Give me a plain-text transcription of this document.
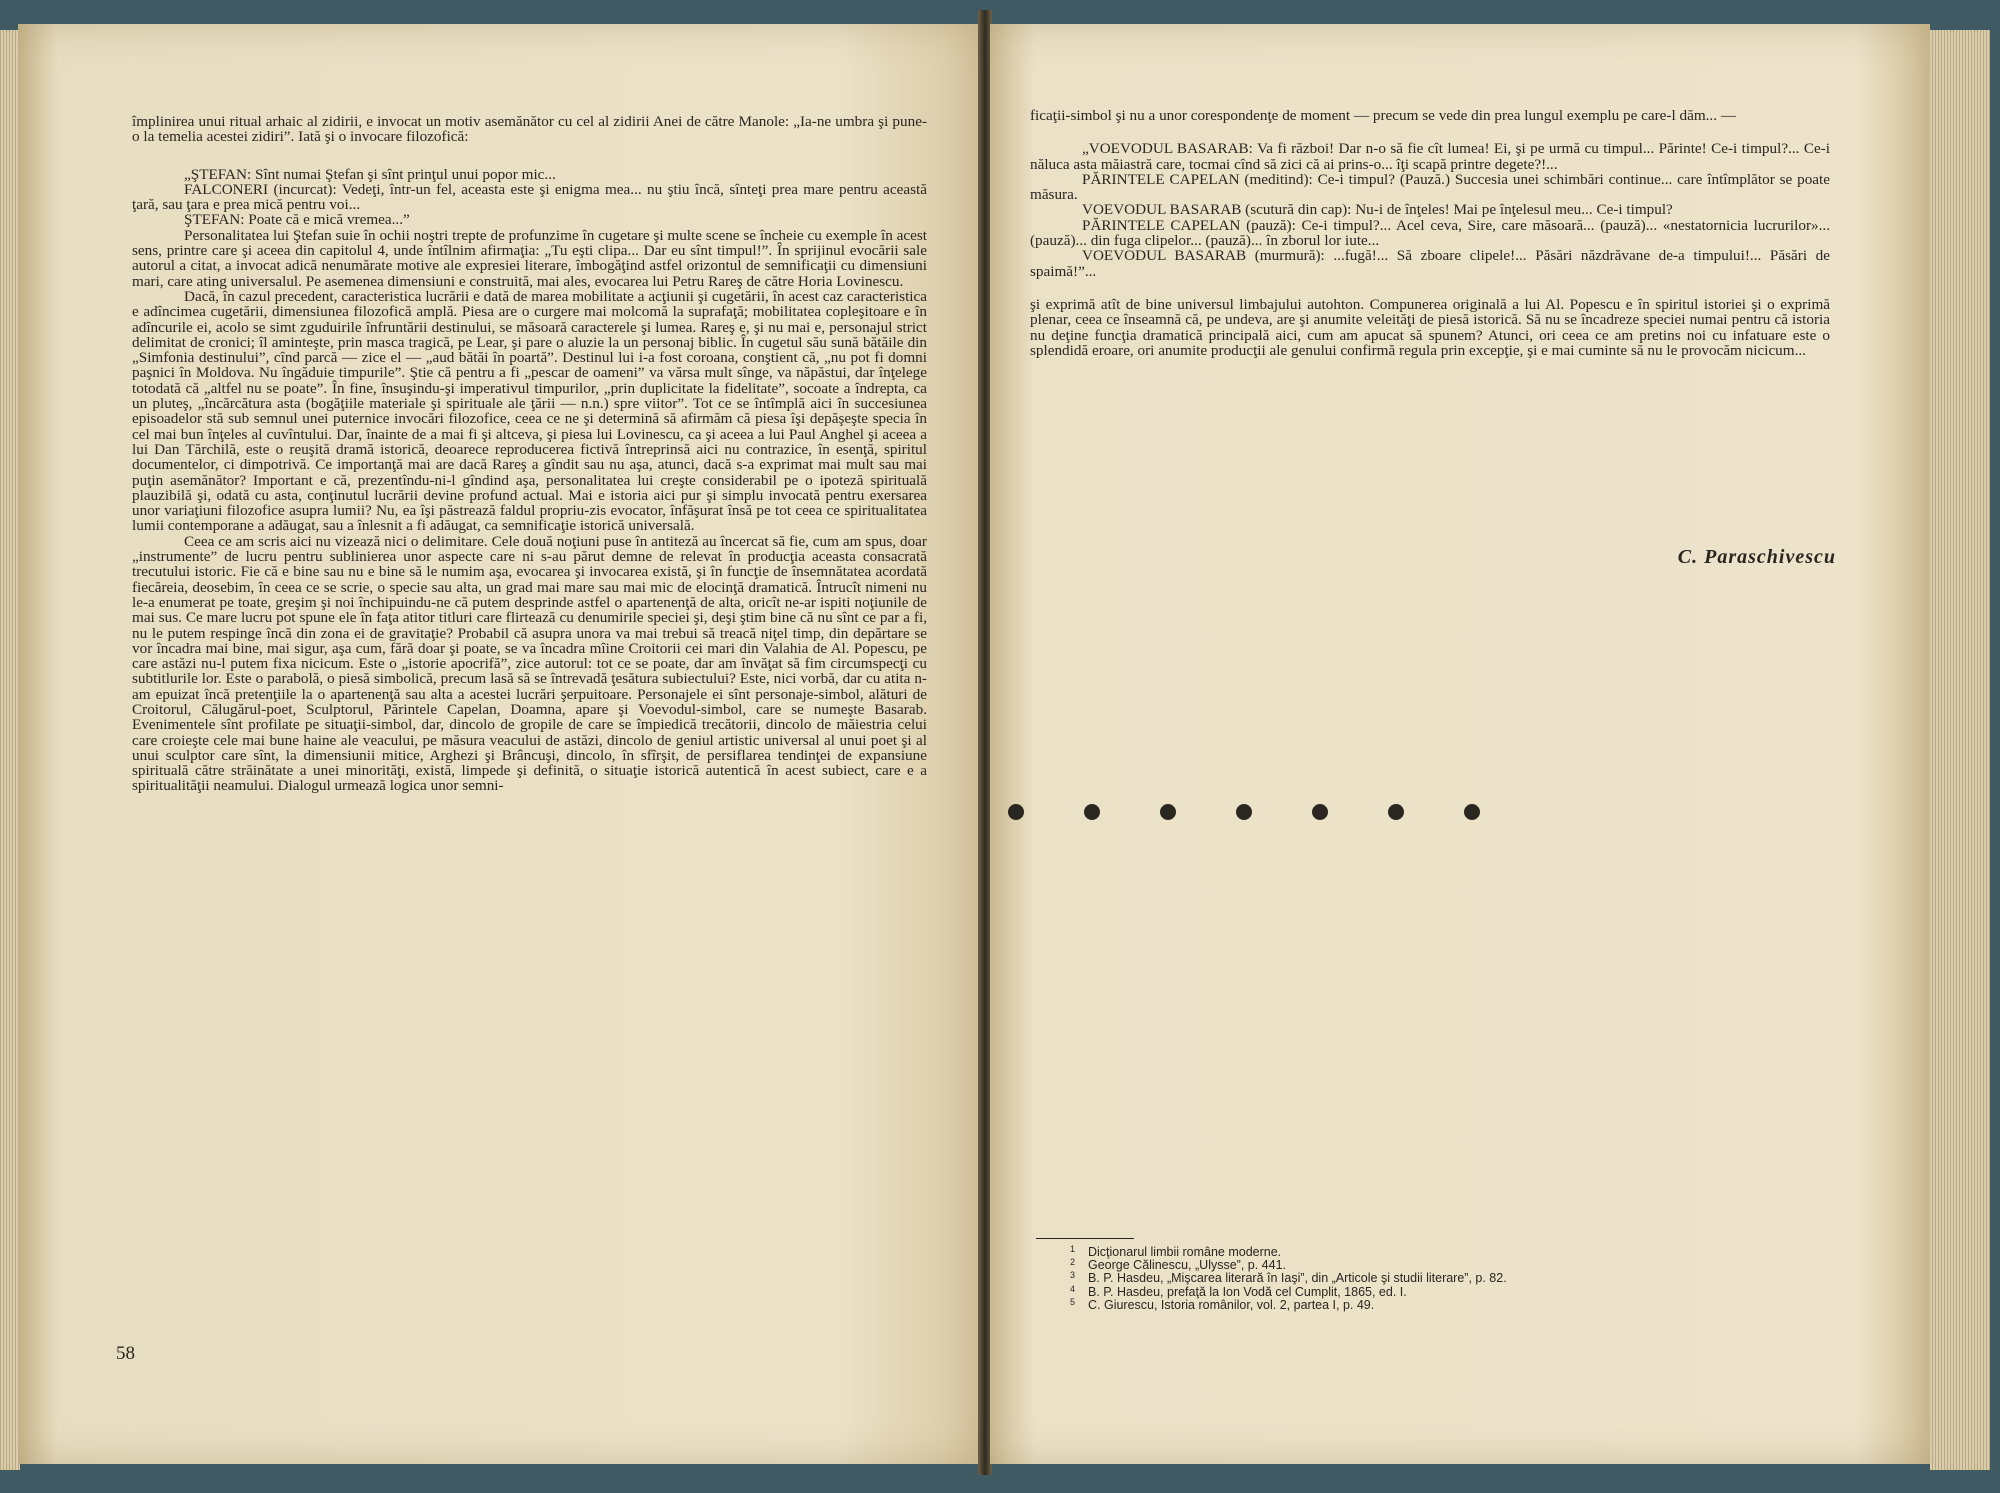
împlinirea unui ritual arhaic al zidirii, e invocat un motiv asemănător cu cel al zidirii Anei de către Manole: „Ia-ne umbra şi pune-o la temelia acestei zidiri”. Iată şi o invocare filozofică:

„ŞTEFAN: Sînt numai Ştefan şi sînt prinţul unui popor mic...

FALCONERI (incurcat): Vedeţi, într-un fel, aceasta este şi enigma mea... nu ştiu încă, sînteţi prea mare pentru această ţară, sau ţara e prea mică pentru voi...

ŞTEFAN: Poate că e mică vremea...”

Personalitatea lui Ştefan suie în ochii noştri trepte de profunzime în cugetare şi multe scene se încheie cu exemple în acest sens, printre care şi aceea din capitolul 4, unde întîlnim afirmaţia: „Tu eşti clipa... Dar eu sînt timpul!”. În sprijinul evocării sale autorul a citat, a invocat adică nenumărate motive ale expresiei literare, îmbogăţind astfel orizontul de semnificaţii cu dimensiuni mari, care ating universalul. Pe asemenea dimensiuni e construită, mai ales, evocarea lui Petru Rareş de către Horia Lovinescu.

Dacă, în cazul precedent, caracteristica lucrării e dată de marea mobilitate a acţiunii şi cugetării, în acest caz caracteristica e adîncimea cugetării, dimensiunea filozofică amplă. Piesa are o curgere mai molcomă la suprafaţă; mobilitatea copleşitoare e în adîncurile ei, acolo se simt zguduirile înfruntării destinului, se măsoară caracterele şi lumea. Rareş e, şi nu mai e, personajul strict delimitat de cronici; îl aminteşte, prin masca tragică, pe Lear, şi pare o aluzie la un personaj biblic. În cugetul său sună bătăile din „Simfonia destinului”, cînd parcă — zice el — „aud bătăi în poartă”. Destinul lui i-a fost coroana, conştient că, „nu pot fi domni paşnici în Moldova. Nu îngăduie timpurile”. Ştie că pentru a fi „pescar de oameni” va vărsa mult sînge, va năpăstui, dar înţelege totodată că „altfel nu se poate”. În fine, însuşindu-şi imperativul timpurilor, „prin duplicitate la fidelitate”, socoate a îndrepta, ca un pluteş, „încărcătura asta (bogăţiile materiale şi spirituale ale ţării — n.n.) spre viitor”. Tot ce se întîmplă aici în succesiunea episoadelor stă sub semnul unei puternice invocări filozofice, ceea ce ne şi determină să afirmăm că piesa îşi depăşeşte specia în cel mai bun înţeles al cuvîntului. Dar, înainte de a mai fi şi altceva, şi piesa lui Lovinescu, ca şi aceea a lui Paul Anghel şi aceea a lui Dan Tărchilă, este o reuşită dramă istorică, deoarece reproducerea fictivă întreprinsă aici nu contrazice, în esenţă, spiritul documentelor, ci dimpotrivă. Ce importanţă mai are dacă Rareş a gîndit sau nu aşa, atunci, dacă s-a exprimat mai mult sau mai puţin asemănător? Important e că, prezentîndu-ni-l gîndind aşa, personalitatea lui creşte considerabil pe o ipoteză spirituală plauzibilă şi, odată cu asta, conţinutul lucrării devine profund actual. Mai e istoria aici pur şi simplu invocată pentru exersarea unor variaţiuni filozofice asupra lumii? Nu, ea îşi păstrează faldul propriu-zis evocator, înfăşurat însă pe tot ceea ce spiritualitatea lumii contemporane a adăugat, sau a înlesnit a fi adăugat, ca semnificaţie istorică universală.

Ceea ce am scris aici nu vizează nici o delimitare. Cele două noţiuni puse în antiteză au încercat să fie, cum am spus, doar „instrumente” de lucru pentru sublinierea unor aspecte care ni s-au părut demne de relevat în producţia aceasta consacrată trecutului istoric. Fie că e bine sau nu e bine să le numim aşa, evocarea şi invocarea există, şi în funcţie de însemnătatea acordată fiecăreia, deosebim, în ceea ce se scrie, o specie sau alta, un grad mai mare sau mai mic de elocinţă dramatică. Întrucît nimeni nu le-a enumerat pe toate, greşim şi noi închipuindu-ne că putem desprinde astfel o apartenenţă de alta, oricît ne-ar ispiti noţiunile de mai sus. Ce mare lucru pot spune ele în faţa atitor titluri care flirtează cu denumirile speciei şi, deşi ştim bine că nu sînt ce par a fi, nu le putem respinge încă din zona ei de gravitaţie? Probabil că asupra unora va mai trebui să treacă niţel timp, din depărtare se vor încadra mai bine, mai sigur, aşa cum, fără doar şi poate, se va încadra mîine Croitorii cei mari din Valahia de Al. Popescu, pe care astăzi nu-l putem fixa nicicum. Este o „istorie apocrifă”, zice autorul: tot ce se poate, dar am învăţat să fim circumspecţi cu subtitlurile lor. Este o parabolă, o piesă simbolică, precum lasă să se întrevadă ţesătura subiectului? Este, nici vorbă, dar cu atita n-am epuizat încă pretenţiile la o apartenenţă sau alta a acestei lucrări şerpuitoare. Personajele ei sînt personaje-simbol, alături de Croitorul, Călugărul-poet, Sculptorul, Părintele Capelan, Doamna, apare şi Voevodul-simbol, care se numeşte Basarab. Evenimentele sînt profilate pe situaţii-simbol, dar, dincolo de gropile de care se împiedică trecătorii, dincolo de măiestria celui care croieşte cele mai bune haine ale veacului, pe măsura veacului de astăzi, dincolo de geniul artistic universal al unui poet şi al unui sculptor care sînt, la dimensiunii mitice, Arghezi şi Brâncuşi, dincolo, în sfîrşit, de persiflarea tendinţei de expansiune spirituală către străinătate a unei minorităţi, există, limpede şi definită, o situaţie istorică autentică în acest subiect, care e a spiritualităţii neamului. Dialogul urmează logica unor semni-

58

ficaţii-simbol şi nu a unor corespondenţe de moment — precum se vede din prea lungul exemplu pe care-l dăm... —

„VOEVODUL BASARAB: Va fi război! Dar n-o să fie cît lumea! Ei, şi pe urmă cu timpul... Părinte! Ce-i timpul?... Ce-i năluca asta măiastră care, tocmai cînd să zici că ai prins-o... îţi scapă printre degete?!...

PĂRINTELE CAPELAN (meditind): Ce-i timpul? (Pauză.) Succesia unei schimbări continue... care întîmplător se poate măsura.

VOEVODUL BASARAB (scutură din cap): Nu-i de înţeles! Mai pe înţelesul meu... Ce-i timpul?

PĂRINTELE CAPELAN (pauză): Ce-i timpul?... Acel ceva, Sire, care măsoară... (pauză)... «nestatornicia lucrurilor»... (pauză)... din fuga clipelor... (pauză)... în zborul lor iute...

VOEVODUL BASARAB (murmură): ...fugă!... Să zboare clipele!... Păsări năzdrăvane de-a timpului!... Păsări de spaimă!”...

şi exprimă atît de bine universul limbajului autohton. Compunerea originală a lui Al. Popescu e în spiritul istoriei şi o exprimă plenar, ceea ce înseamnă că, pe undeva, are şi anumite veleităţi de piesă istorică. Să nu se încadreze speciei numai pentru că istoria nu deţine funcţia dramatică principală aici, cum am apucat să spunem? Atunci, ori ceea ce am pretins noi cu infatuare este o splendidă eroare, ori anumite producţii ale genului confirmă regula prin excepţie, şi e mai cuminte să nu le provocăm nicicum...

C. Paraschivescu
1 Dicţionarul limbii române moderne.
2 George Călinescu, „Ulysse”, p. 441.
3 B. P. Hasdeu, „Mişcarea literară în Iaşi”, din „Articole şi studii literare”, p. 82.
4 B. P. Hasdeu, prefaţă la Ion Vodă cel Cumplit, 1865, ed. I.
5 C. Giurescu, Istoria românilor, vol. 2, partea I, p. 49.
